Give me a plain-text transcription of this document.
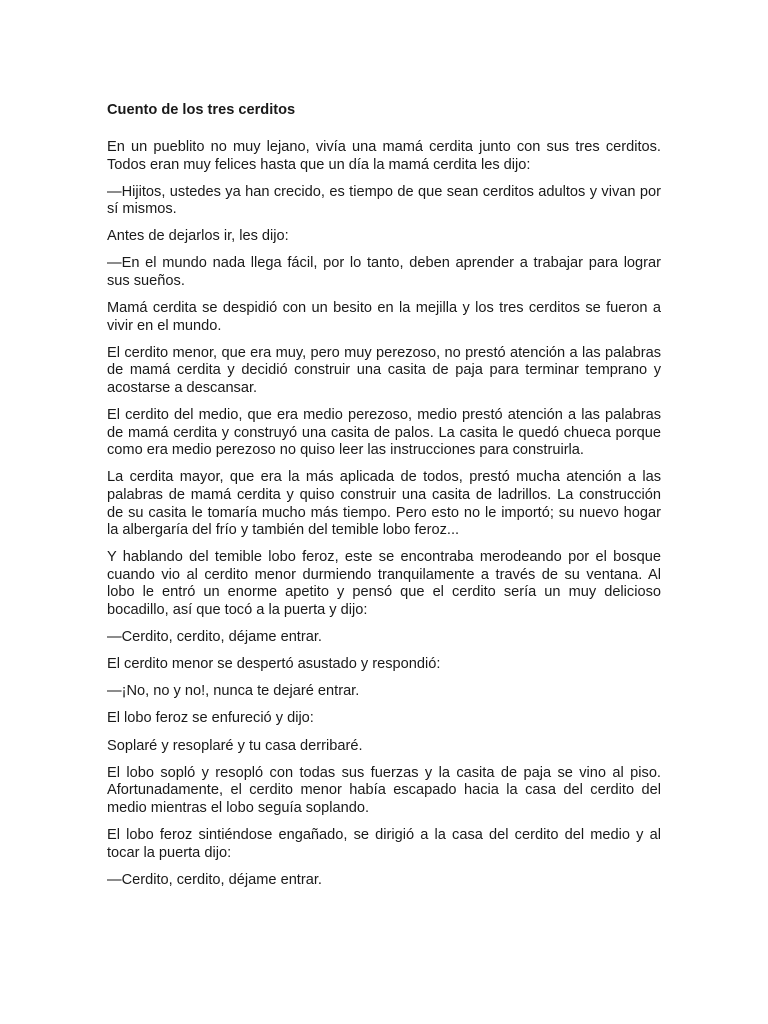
Cuento de los tres cerditos

En un pueblito no muy lejano, vivía una mamá cerdita junto con sus tres cerditos. Todos eran muy felices hasta que un día la mamá cerdita les dijo:

—Hijitos, ustedes ya han crecido, es tiempo de que sean cerditos adultos y vivan por sí mismos.

Antes de dejarlos ir, les dijo:

—En el mundo nada llega fácil, por lo tanto, deben aprender a trabajar para lograr sus sueños.

Mamá cerdita se despidió con un besito en la mejilla y los tres cerditos se fueron a vivir en el mundo.

El cerdito menor, que era muy, pero muy perezoso, no prestó atención a las palabras de mamá cerdita y decidió construir una casita de paja para terminar temprano y acostarse a descansar.

El cerdito del medio, que era medio perezoso, medio prestó atención a las palabras de mamá cerdita y construyó una casita de palos. La casita le quedó chueca porque como era medio perezoso no quiso leer las instrucciones para construirla.

La cerdita mayor, que era la más aplicada de todos, prestó mucha atención a las palabras de mamá cerdita y quiso construir una casita de ladrillos. La construcción de su casita le tomaría mucho más tiempo. Pero esto no le importó; su nuevo hogar la albergaría del frío y también del temible lobo feroz...

Y hablando del temible lobo feroz, este se encontraba merodeando por el bosque cuando vio al cerdito menor durmiendo tranquilamente a través de su ventana. Al lobo le entró un enorme apetito y pensó que el cerdito sería un muy delicioso bocadillo, así que tocó a la puerta y dijo:

—Cerdito, cerdito, déjame entrar.

El cerdito menor se despertó asustado y respondió:

—¡No, no y no!, nunca te dejaré entrar.

El lobo feroz se enfureció y dijo:

Soplaré y resoplaré y tu casa derribaré.

El lobo sopló y resopló con todas sus fuerzas y la casita de paja se vino al piso. Afortunadamente, el cerdito menor había escapado hacia la casa del cerdito del medio mientras el lobo seguía soplando.

El lobo feroz sintiéndose engañado, se dirigió a la casa del cerdito del medio y al tocar la puerta dijo:

—Cerdito, cerdito, déjame entrar.
